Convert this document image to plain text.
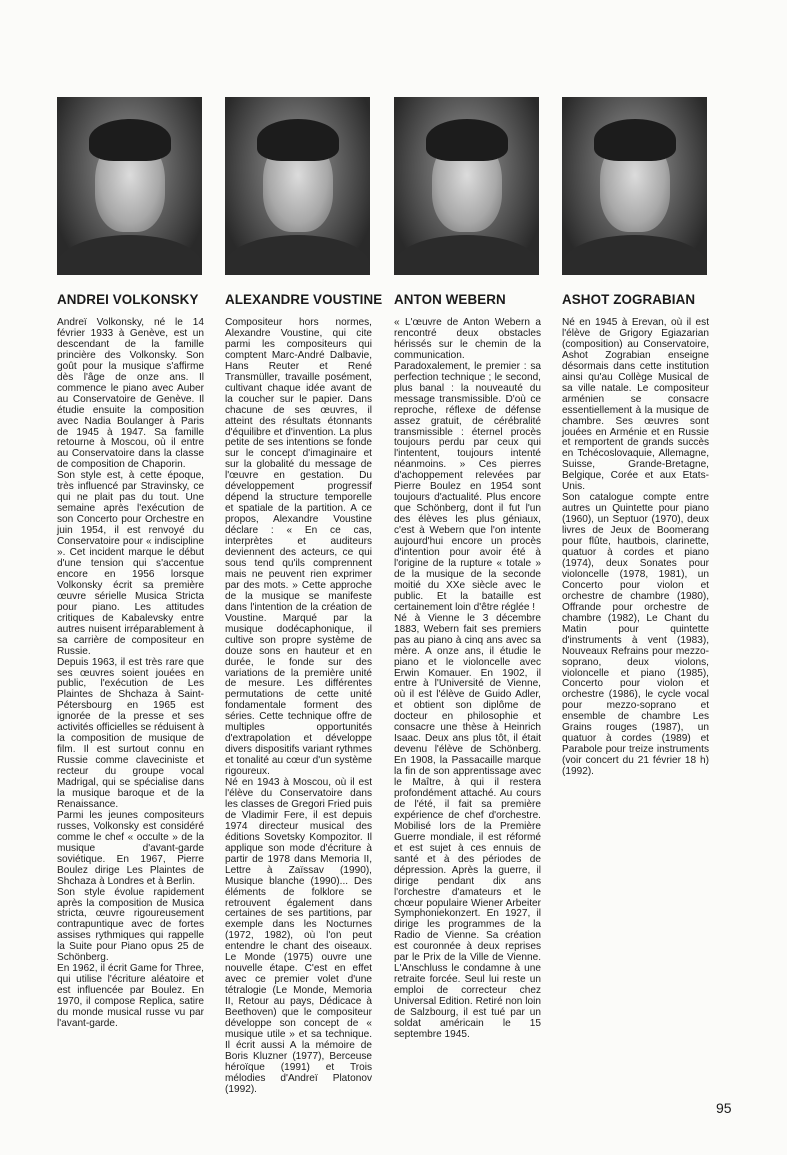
ANDREI VOLKONSKY
Andreï Volkonsky, né le 14 février 1933 à Genève, est un descendant de la famille princière des Volkonsky. Son goût pour la musique s'affirme dès l'âge de onze ans. Il commence le piano avec Auber au Conservatoire de Genève. Il étudie ensuite la composition avec Nadia Boulanger à Paris de 1945 à 1947. Sa famille retourne à Moscou, où il entre au Conservatoire dans la classe de composition de Chaporin.
Son style est, à cette époque, très influencé par Stravinsky, ce qui ne plait pas du tout. Une semaine après l'exécution de son Concerto pour Orchestre en juin 1954, il est renvoyé du Conservatoire pour « indiscipline ». Cet incident marque le début d'une tension qui s'accentue encore en 1956 lorsque Volkonsky écrit sa première œuvre sérielle Musica Stricta pour piano. Les attitudes critiques de Kabalevsky entre autres nuisent irréparablement à sa carrière de compositeur en Russie.
Depuis 1963, il est très rare que ses œuvres soient jouées en public, l'exécution de Les Plaintes de Shchaza à Saint-Pétersbourg en 1965 est ignorée de la presse et ses activités officielles se réduisent à la composition de musique de film. Il est surtout connu en Russie comme claveciniste et recteur du groupe vocal Madrigal, qui se spécialise dans la musique baroque et de la Renaissance.
Parmi les jeunes compositeurs russes, Volkonsky est considéré comme le chef « occulte » de la musique d'avant-garde soviétique. En 1967, Pierre Boulez dirige Les Plaintes de Shchaza à Londres et à Berlin.
Son style évolue rapidement après la composition de Musica stricta, œuvre rigoureusement contrapuntique avec de fortes assises rythmiques qui rappelle la Suite pour Piano opus 25 de Schönberg.
En 1962, il écrit Game for Three, qui utilise l'écriture aléatoire et est influencée par Boulez. En 1970, il compose Replica, satire du monde musical russe vu par l'avant-garde.
ALEXANDRE VOUSTINE
Compositeur hors normes, Alexandre Voustine, qui cite parmi les compositeurs qui comptent Marc-André Dalbavie, Hans Reuter et René Transmüller, travaille posément, cultivant chaque idée avant de la coucher sur le papier. Dans chacune de ses œuvres, il atteint des résultats étonnants d'équilibre et d'invention. La plus petite de ses intentions se fonde sur le concept d'imaginaire et sur la globalité du message de l'œuvre en gestation. Du développement progressif dépend la structure temporelle et spatiale de la partition. A ce propos, Alexandre Voustine déclare : « En ce cas, interprètes et auditeurs deviennent des acteurs, ce qui sous tend qu'ils comprennent mais ne peuvent rien exprimer par des mots. » Cette approche de la musique se manifeste dans l'intention de la création de Voustine. Marqué par la musique dodécaphonique, il cultive son propre système de douze sons en hauteur et en durée, le fonde sur des variations de la première unité de mesure. Les différentes permutations de cette unité fondamentale forment des séries. Cette technique offre de multiples opportunités d'extrapolation et développe divers dispositifs variant rythmes et tonalité au cœur d'un système rigoureux.
Né en 1943 à Moscou, où il est l'élève du Conservatoire dans les classes de Gregori Fried puis de Vladimir Fere, il est depuis 1974 directeur musical des éditions Sovetsky Kompozitor. Il applique son mode d'écriture à partir de 1978 dans Memoria II, Lettre à Zaïssav (1990), Musique blanche (1990)... Des éléments de folklore se retrouvent également dans certaines de ses partitions, par exemple dans les Nocturnes (1972, 1982), où l'on peut entendre le chant des oiseaux. Le Monde (1975) ouvre une nouvelle étape. C'est en effet avec ce premier volet d'une tétralogie (Le Monde, Memoria II, Retour au pays, Dédicace à Beethoven) que le compositeur développe son concept de « musique utile » et sa technique. Il écrit aussi A la mémoire de Boris Kluzner (1977), Berceuse héroïque (1991) et Trois mélodies d'Andreï Platonov (1992).
ANTON WEBERN
« L'œuvre de Anton Webern a rencontré deux obstacles hérissés sur le chemin de la communication. Paradoxalement, le premier : sa perfection technique ; le second, plus banal : la nouveauté du message transmissible. D'où ce reproche, réflexe de défense assez gratuit, de cérébralité transmissible : éternel procès toujours perdu par ceux qui l'intentent, toujours intenté néanmoins. » Ces pierres d'achoppement relevées par Pierre Boulez en 1954 sont toujours d'actualité. Plus encore que Schönberg, dont il fut l'un des élèves les plus géniaux, c'est à Webern que l'on intente aujourd'hui encore un procès d'intention pour avoir été à l'origine de la rupture « totale » de la musique de la seconde moitié du XXe siècle avec le public. Et la bataille est certainement loin d'être réglée !
Né à Vienne le 3 décembre 1883, Webern fait ses premiers pas au piano à cinq ans avec sa mère. A onze ans, il étudie le piano et le violoncelle avec Erwin Komauer. En 1902, il entre à l'Université de Vienne, où il est l'élève de Guido Adler, et obtient son diplôme de docteur en philosophie et consacre une thèse à Heinrich Isaac. Deux ans plus tôt, il était devenu l'élève de Schönberg. En 1908, la Passacaille marque la fin de son apprentissage avec le Maître, à qui il restera profondément attaché. Au cours de l'été, il fait sa première expérience de chef d'orchestre. Mobilisé lors de la Première Guerre mondiale, il est réformé et est sujet à ces ennuis de santé et à des périodes de dépression. Après la guerre, il dirige pendant dix ans l'orchestre d'amateurs et le chœur populaire Wiener Arbeiter Symphoniekonzert. En 1927, il dirige les programmes de la Radio de Vienne. Sa création est couronnée à deux reprises par le Prix de la Ville de Vienne. L'Anschluss le condamne à une retraite forcée. Seul lui reste un emploi de correcteur chez Universal Edition. Retiré non loin de Salzbourg, il est tué par un soldat américain le 15 septembre 1945.
ASHOT ZOGRABIAN
Né en 1945 à Erevan, où il est l'élève de Grigory Egiazarian (composition) au Conservatoire, Ashot Zograbian enseigne désormais dans cette institution ainsi qu'au Collège Musical de sa ville natale. Le compositeur arménien se consacre essentiellement à la musique de chambre. Ses œuvres sont jouées en Arménie et en Russie et remportent de grands succès en Tchécoslovaquie, Allemagne, Suisse, Grande-Bretagne, Belgique, Corée et aux Etats-Unis.
Son catalogue compte entre autres un Quintette pour piano (1960), un Septuor (1970), deux livres de Jeux de Boomerang pour flûte, hautbois, clarinette, quatuor à cordes et piano (1974), deux Sonates pour violoncelle (1978, 1981), un Concerto pour violon et orchestre de chambre (1980), Offrande pour orchestre de chambre (1982), Le Chant du Matin pour quintette d'instruments à vent (1983), Nouveaux Refrains pour mezzo-soprano, deux violons, violoncelle et piano (1985), Concerto pour violon et orchestre (1986), le cycle vocal pour mezzo-soprano et ensemble de chambre Les Grains rouges (1987), un quatuor à cordes (1989) et Parabole pour treize instruments (voir concert du 21 février 18 h) (1992).
95
